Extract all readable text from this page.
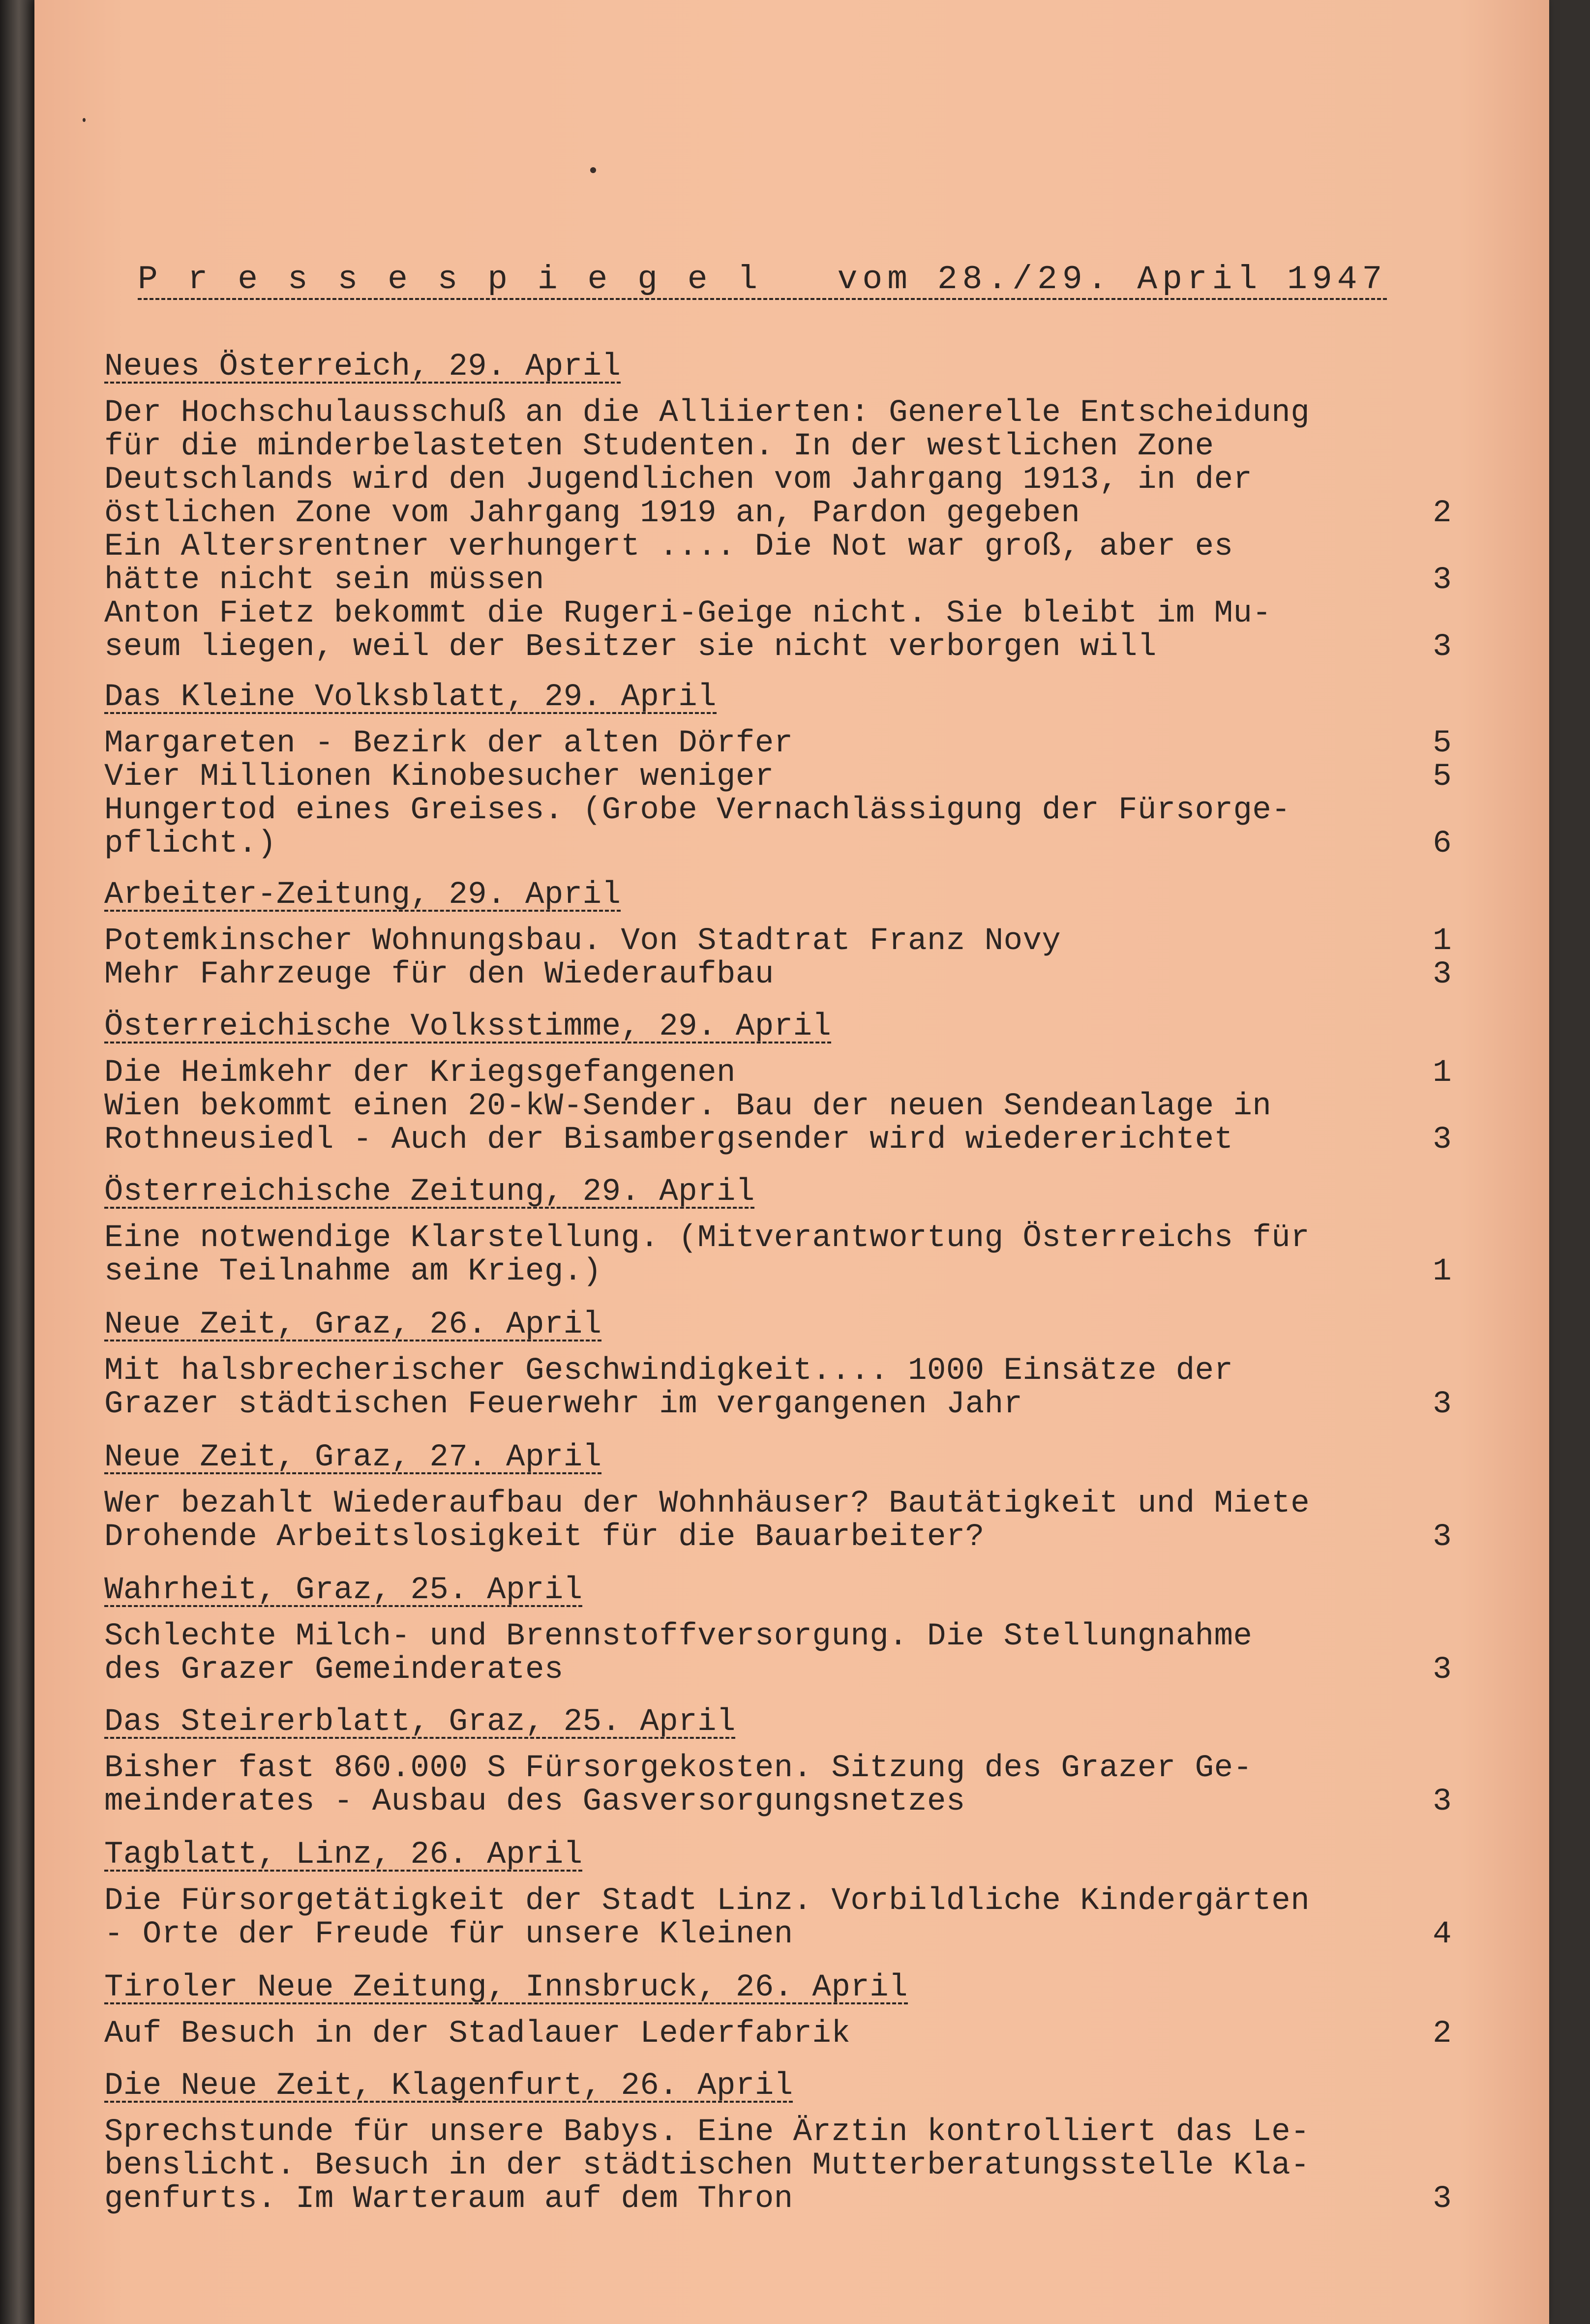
P r e s s e s p i e g e l   vom 28./29. April 1947
Neues Österreich, 29. April
Der Hochschulausschuß an die Alliierten: Generelle Entscheidung
für die minderbelasteten Studenten. In der westlichen Zone
Deutschlands wird den Jugendlichen vom Jahrgang 1913, in der
östlichen Zone vom Jahrgang 1919 an, Pardon gegeben	2
Ein Altersrentner verhungert .... Die Not war groß, aber es
hätte nicht sein müssen	3
Anton Fietz bekommt die Rugeri-Geige nicht. Sie bleibt im Mu-
seum liegen, weil der Besitzer sie nicht verborgen will	3
Das Kleine Volksblatt, 29. April
Margareten - Bezirk der alten Dörfer	5
Vier Millionen Kinobesucher weniger	5
Hungertod eines Greises. (Grobe Vernachlässigung der Fürsorge-
pflicht.)	6
Arbeiter-Zeitung, 29. April
Potemkinscher Wohnungsbau. Von Stadtrat Franz Novy	1
Mehr Fahrzeuge für den Wiederaufbau	3
Österreichische Volksstimme, 29. April
Die Heimkehr der Kriegsgefangenen	1
Wien bekommt einen 20-kW-Sender. Bau der neuen Sendeanlage in
Rothneusiedl - Auch der Bisambergsender wird wiedererichtet	3
Österreichische Zeitung, 29. April
Eine notwendige Klarstellung. (Mitverantwortung Österreichs für
seine Teilnahme am Krieg.)	1
Neue Zeit, Graz, 26. April
Mit halsbrecherischer Geschwindigkeit.... 1000 Einsätze der
Grazer städtischen Feuerwehr im vergangenen Jahr	3
Neue Zeit, Graz, 27. April
Wer bezahlt Wiederaufbau der Wohnhäuser? Bautätigkeit und Miete
Drohende Arbeitslosigkeit für die Bauarbeiter?	3
Wahrheit, Graz, 25. April
Schlechte Milch- und Brennstoffversorgung. Die Stellungnahme
des Grazer Gemeinderates	3
Das Steirerblatt, Graz, 25. April
Bisher fast 860.000 S Fürsorgekosten. Sitzung des Grazer Ge-
meinderates - Ausbau des Gasversorgungsnetzes	3
Tagblatt, Linz, 26. April
Die Fürsorgetätigkeit der Stadt Linz. Vorbildliche Kindergärten
- Orte der Freude für unsere Kleinen	4
Tiroler Neue Zeitung, Innsbruck, 26. April
Auf Besuch in der Stadlauer Lederfabrik	2
Die Neue Zeit, Klagenfurt, 26. April
Sprechstunde für unsere Babys. Eine Ärztin kontrolliert das Le-
benslicht. Besuch in der städtischen Mutterberatungsstelle Kla-
genfurts. Im Warteraum auf dem Thron	3
